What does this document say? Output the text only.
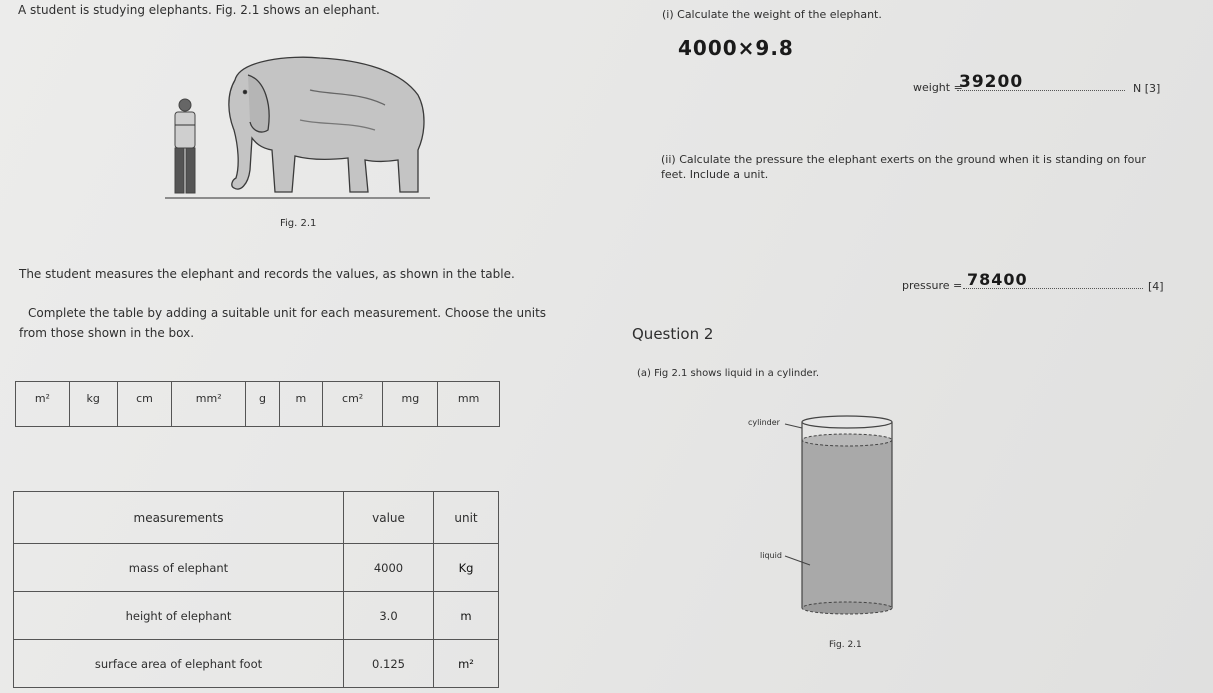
A student is studying elephants. Fig. 2.1 shows an elephant.
Fig. 2.1
The student measures the elephant and records the values, as shown in the table.
Complete the table by adding a suitable unit for each measurement. Choose the units
from those shown in the box.
m²	kg	cm	mm²	g	m	cm²	mg	mm
measurements	value	unit
mass of elephant	4000	Kg
height of elephant	3.0	m
surface area of elephant foot	0.125	m²
(i) Calculate the weight of the elephant.
4000×9.8
weight =
39200	N [3]
(ii) Calculate the pressure the elephant exerts on the ground when it is standing on four
feet. Include a unit.
pressure = 78400	[4]
Question 2
(a) Fig 2.1 shows liquid in a cylinder.
cylinder
liquid
Fig. 2.1
